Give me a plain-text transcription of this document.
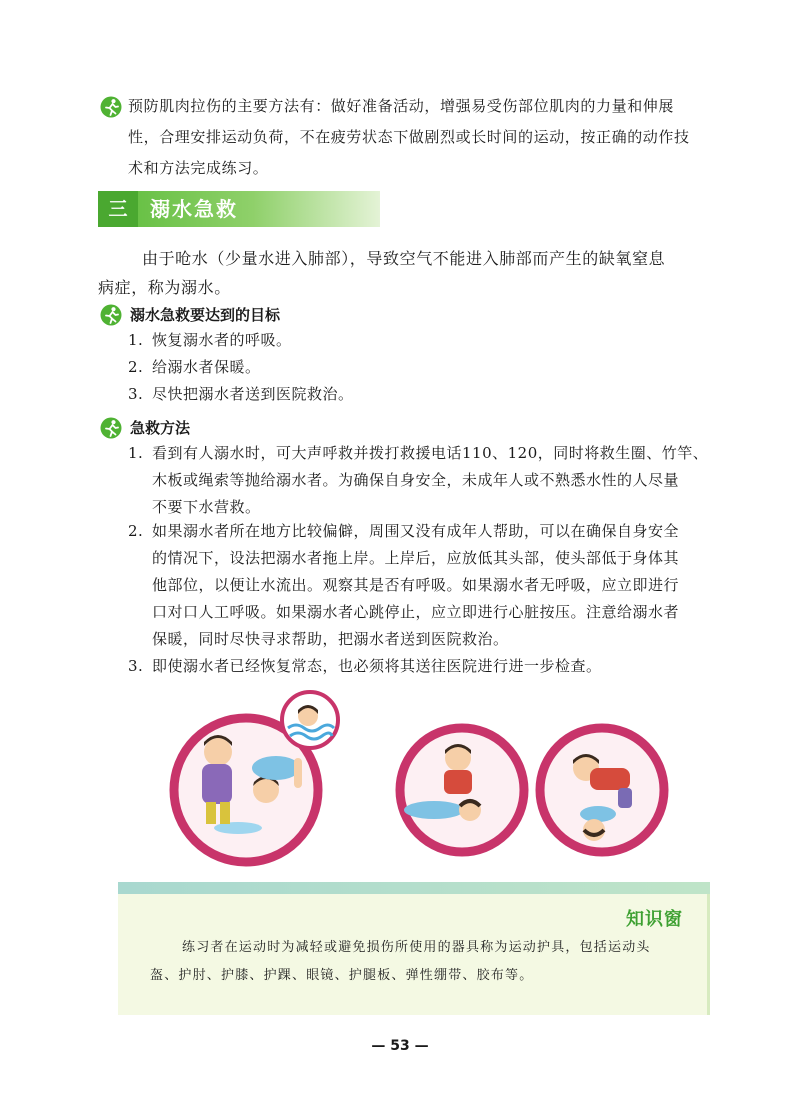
预防肌肉拉伤的主要方法有：做好准备活动，增强易受伤部位肌肉的力量和伸展
性，合理安排运动负荷，不在疲劳状态下做剧烈或长时间的运动，按正确的动作技
术和方法完成练习。
三	溺水急救
由于呛水（少量水进入肺部），导致空气不能进入肺部而产生的缺氧窒息
病症，称为溺水。
溺水急救要达到的目标
1. 恢复溺水者的呼吸。
2. 给溺水者保暖。
3. 尽快把溺水者送到医院救治。
急救方法
1. 看到有人溺水时，可大声呼救并拨打救援电话110、120，同时将救生圈、竹竿、
木板或绳索等抛给溺水者。为确保自身安全，未成年人或不熟悉水性的人尽量
不要下水营救。
2. 如果溺水者所在地方比较偏僻，周围又没有成年人帮助，可以在确保自身安全
的情况下，设法把溺水者拖上岸。上岸后，应放低其头部，使头部低于身体其
他部位，以便让水流出。观察其是否有呼吸。如果溺水者无呼吸，应立即进行
口对口人工呼吸。如果溺水者心跳停止，应立即进行心脏按压。注意给溺水者
保暖，同时尽快寻求帮助，把溺水者送到医院救治。
3. 即使溺水者已经恢复常态，也必须将其送往医院进行进一步检查。
知识窗
练习者在运动时为减轻或避免损伤所使用的器具称为运动护具，包括运动头
盔、护肘、护膝、护踝、眼镜、护腿板、弹性绷带、胶布等。
— 53 —
